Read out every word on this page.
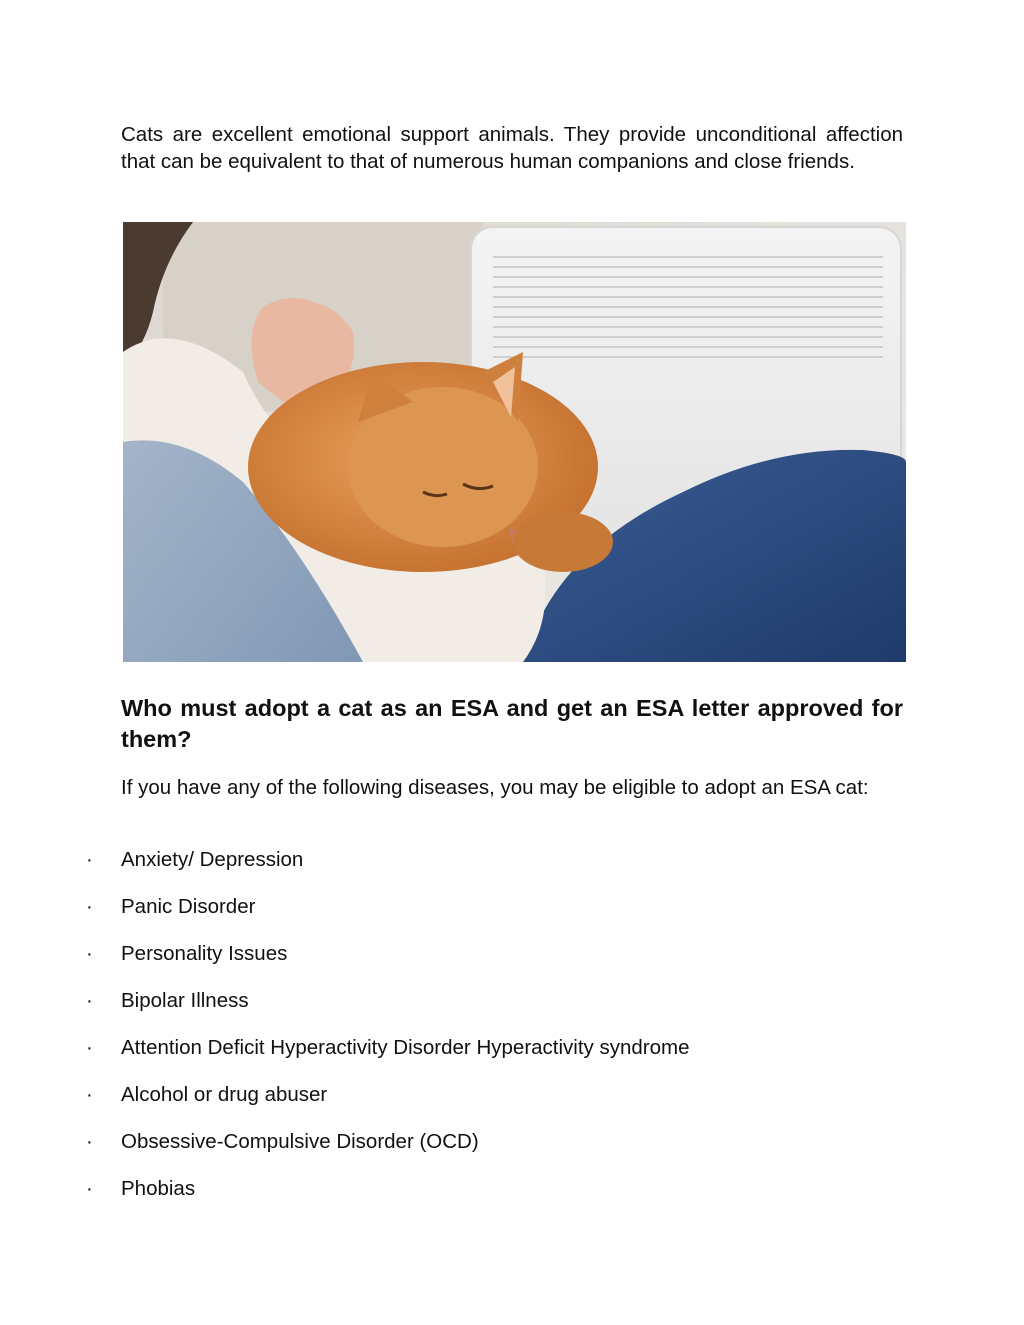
Cats are excellent emotional support animals. They provide unconditional affection that can be equivalent to that of numerous human companions and close friends.

Who must adopt a cat as an ESA and get an ESA letter approved for them?

If you have any of the following diseases, you may be eligible to adopt an ESA cat:

· Anxiety/ Depression
· Panic Disorder
· Personality Issues
· Bipolar Illness
· Attention Deficit Hyperactivity Disorder Hyperactivity syndrome
· Alcohol or drug abuser
· Obsessive-Compulsive Disorder (OCD)
· Phobias
